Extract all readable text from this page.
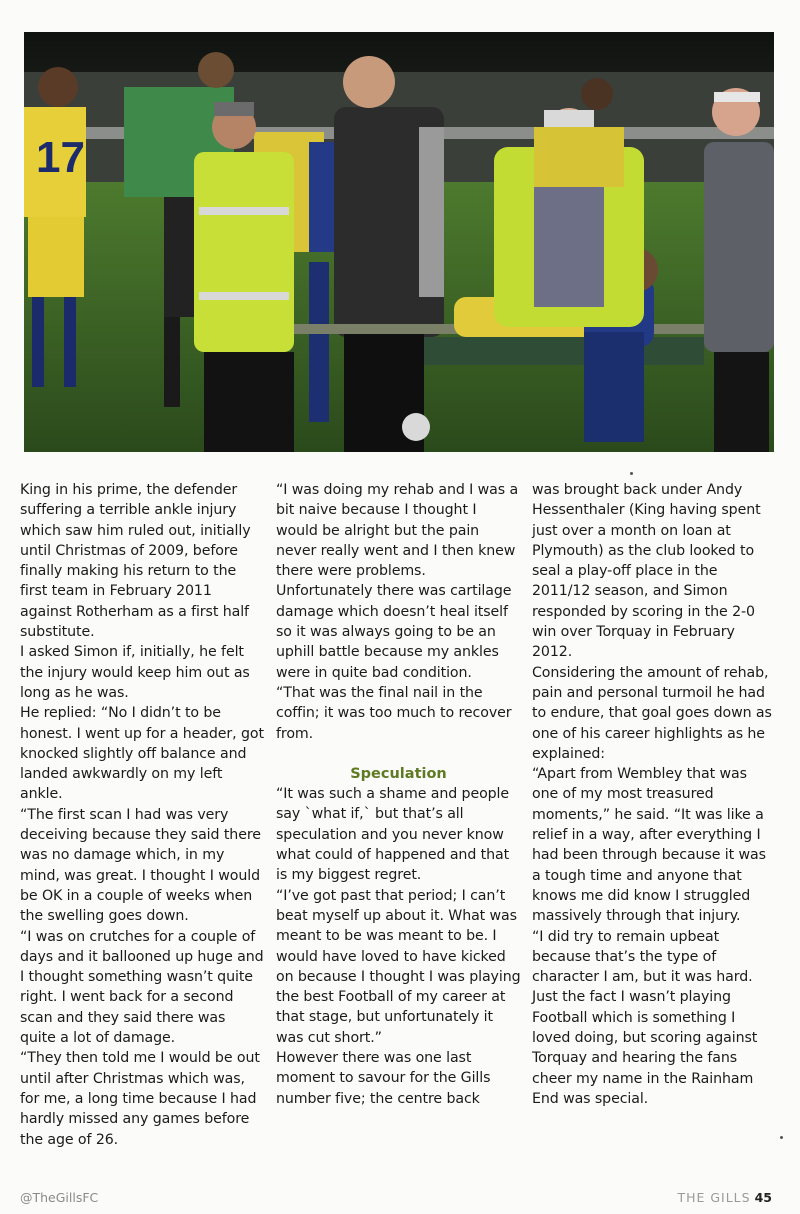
17

King in his prime, the defender suffering a terrible ankle injury which saw him ruled out, initially until Christmas of 2009, before finally making his return to the first team in February 2011 against Rotherham as a first half substitute.

I asked Simon if, initially, he felt the injury would keep him out as long as he was.

He replied: “No I didn’t to be honest. I went up for a header, got knocked slightly off balance and landed awkwardly on my left ankle.

“The first scan I had was very deceiving because they said there was no damage which, in my mind, was great. I thought I would be OK in a couple of weeks when the swelling goes down.

“I was on crutches for a couple of days and it ballooned up huge and I thought something wasn’t quite right. I went back for a second scan and they said there was quite a lot of damage.

“They then told me I would be out until after Christmas which was, for me, a long time because I had hardly missed any games before the age of 26.

“I was doing my rehab and I was a bit naive because I thought I would be alright but the pain never really went and I then knew there were problems. Unfortunately there was cartilage damage which doesn’t heal itself so it was always going to be an uphill battle because my ankles were in quite bad condition.

“That was the final nail in the coffin; it was too much to recover from.

Speculation

“It was such a shame and people say `what if,` but that’s all speculation and you never know what could of happened and that is my biggest regret.

“I’ve got past that period; I can’t beat myself up about it. What was meant to be was meant to be. I would have loved to have kicked on because I thought I was playing the best Football of my career at that stage, but unfortunately it was cut short.”

However there was one last moment to savour for the Gills number five; the centre back

was brought back under Andy Hessenthaler (King having spent just over a month on loan at Plymouth) as the club looked to seal a play-off place in the 2011/12 season, and Simon responded by scoring in the 2-0 win over Torquay in February 2012.

Considering the amount of rehab, pain and personal turmoil he had to endure, that goal goes down as one of his career highlights as he explained:

“Apart from Wembley that was one of my most treasured moments,” he said. “It was like a relief in a way, after everything I had been through because it was a tough time and anyone that knows me did know I struggled massively through that injury.

“I did try to remain upbeat because that’s the type of character I am, but it was hard. Just the fact I wasn’t playing Football which is something I loved doing, but scoring against Torquay and hearing the fans cheer my name in the Rainham End was special.

@TheGillsFC	THE GILLS 45
